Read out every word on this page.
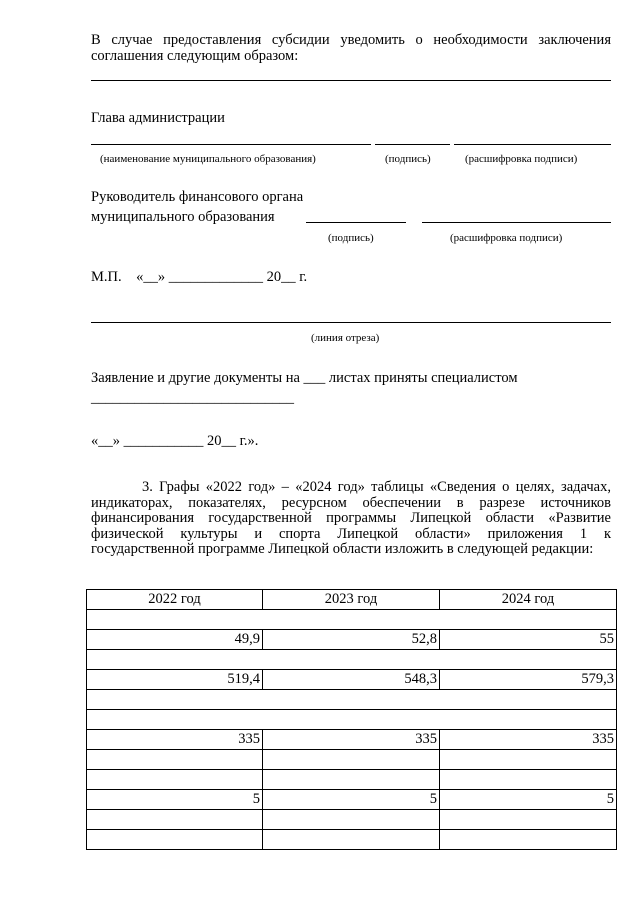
В случае предоставления субсидии уведомить о необходимости заключения
соглашения следующим образом:
Глава администрации
(наименование муниципального образования)	(подпись)	(расшифровка подписи)
Руководитель финансового органа
муниципального образования
(подпись)	(расшифровка подписи)
М.П.    «__» _____________ 20__ г.
(линия отреза)
Заявление и другие документы на ___ листах приняты специалистом
____________________________
«__» ___________ 20__ г.».
3. Графы «2022 год» – «2024 год» таблицы «Сведения о целях, задачах, индикаторах, показателях, ресурсном обеспечении в разрезе источников финансирования государственной программы Липецкой области «Развитие физической культуры и спорта Липецкой области» приложения 1 к государственной программе Липецкой области изложить в следующей редакции:
2022 год	2023 год	2024 год

49,9	52,8	55

519,4	548,3	579,3

335	335	335

5	5	5
